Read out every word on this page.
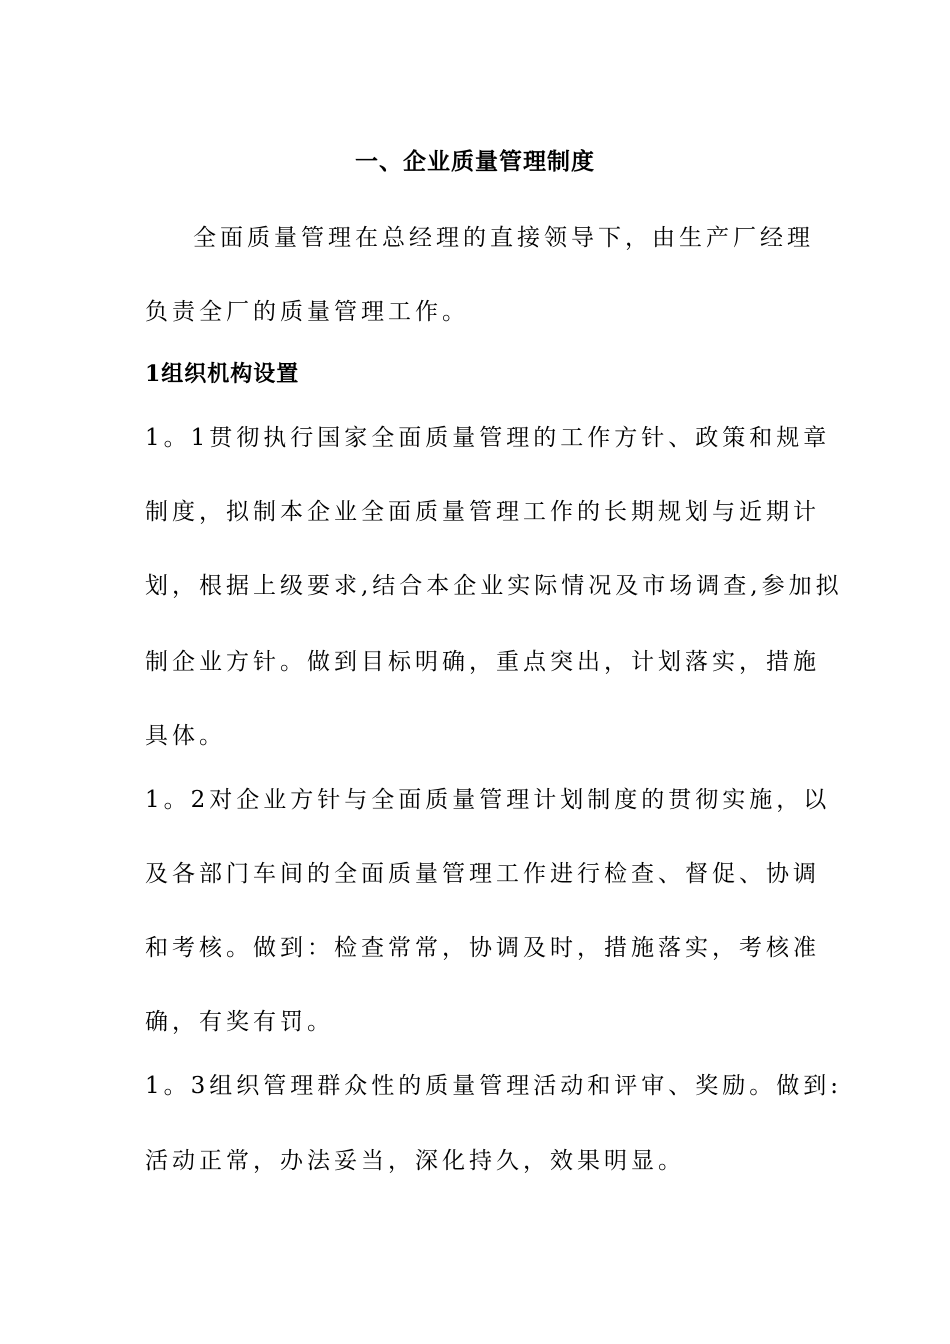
一、企业质量管理制度
全面质量管理在总经理的直接领导下，由生产厂经理
负责全厂的质量管理工作。
1组织机构设置
1。1贯彻执行国家全面质量管理的工作方针、政策和规章
制度，拟制本企业全面质量管理工作的长期规划与近期计
划，根据上级要求,结合本企业实际情况及市场调查,参加拟
制企业方针。做到目标明确，重点突出，计划落实，措施
具体。
1。2对企业方针与全面质量管理计划制度的贯彻实施，以
及各部门车间的全面质量管理工作进行检查、督促、协调
和考核。做到：检查常常，协调及时，措施落实，考核准
确，有奖有罚。
1。3组织管理群众性的质量管理活动和评审、奖励。做到:
活动正常，办法妥当，深化持久，效果明显。
